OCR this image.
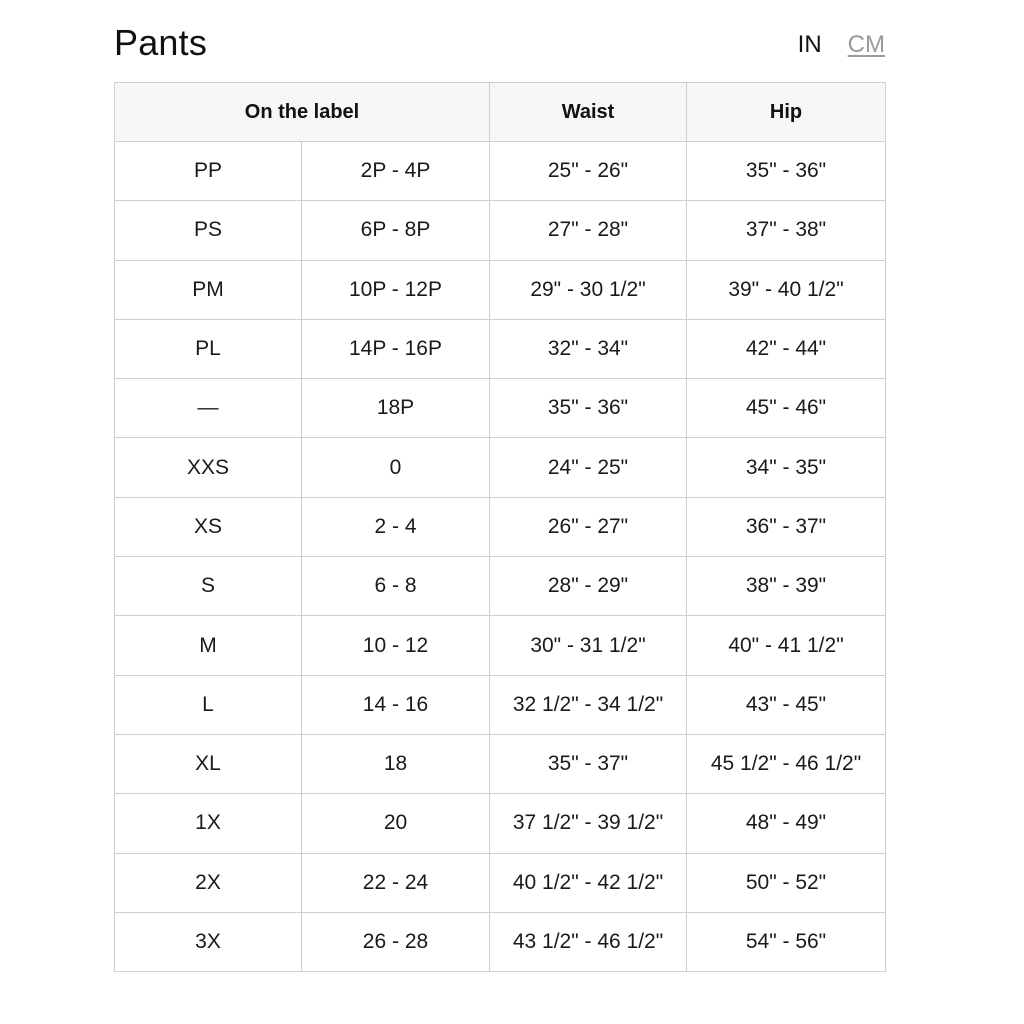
Pants	IN CM
On the label		Waist	Hip
PP	2P - 4P	25" - 26"	35" - 36"
PS	6P - 8P	27" - 28"	37" - 38"
PM	10P - 12P	29" - 30 1/2"	39" - 40 1/2"
PL	14P - 16P	32" - 34"	42" - 44"
—	18P	35" - 36"	45" - 46"
XXS	0	24" - 25"	34" - 35"
XS	2 - 4	26" - 27"	36" - 37"
S	6 - 8	28" - 29"	38" - 39"
M	10 - 12	30" - 31 1/2"	40" - 41 1/2"
L	14 - 16	32 1/2" - 34 1/2"	43" - 45"
XL	18	35" - 37"	45 1/2" - 46 1/2"
1X	20	37 1/2" - 39 1/2"	48" - 49"
2X	22 - 24	40 1/2" - 42 1/2"	50" - 52"
3X	26 - 28	43 1/2" - 46 1/2"	54" - 56"
